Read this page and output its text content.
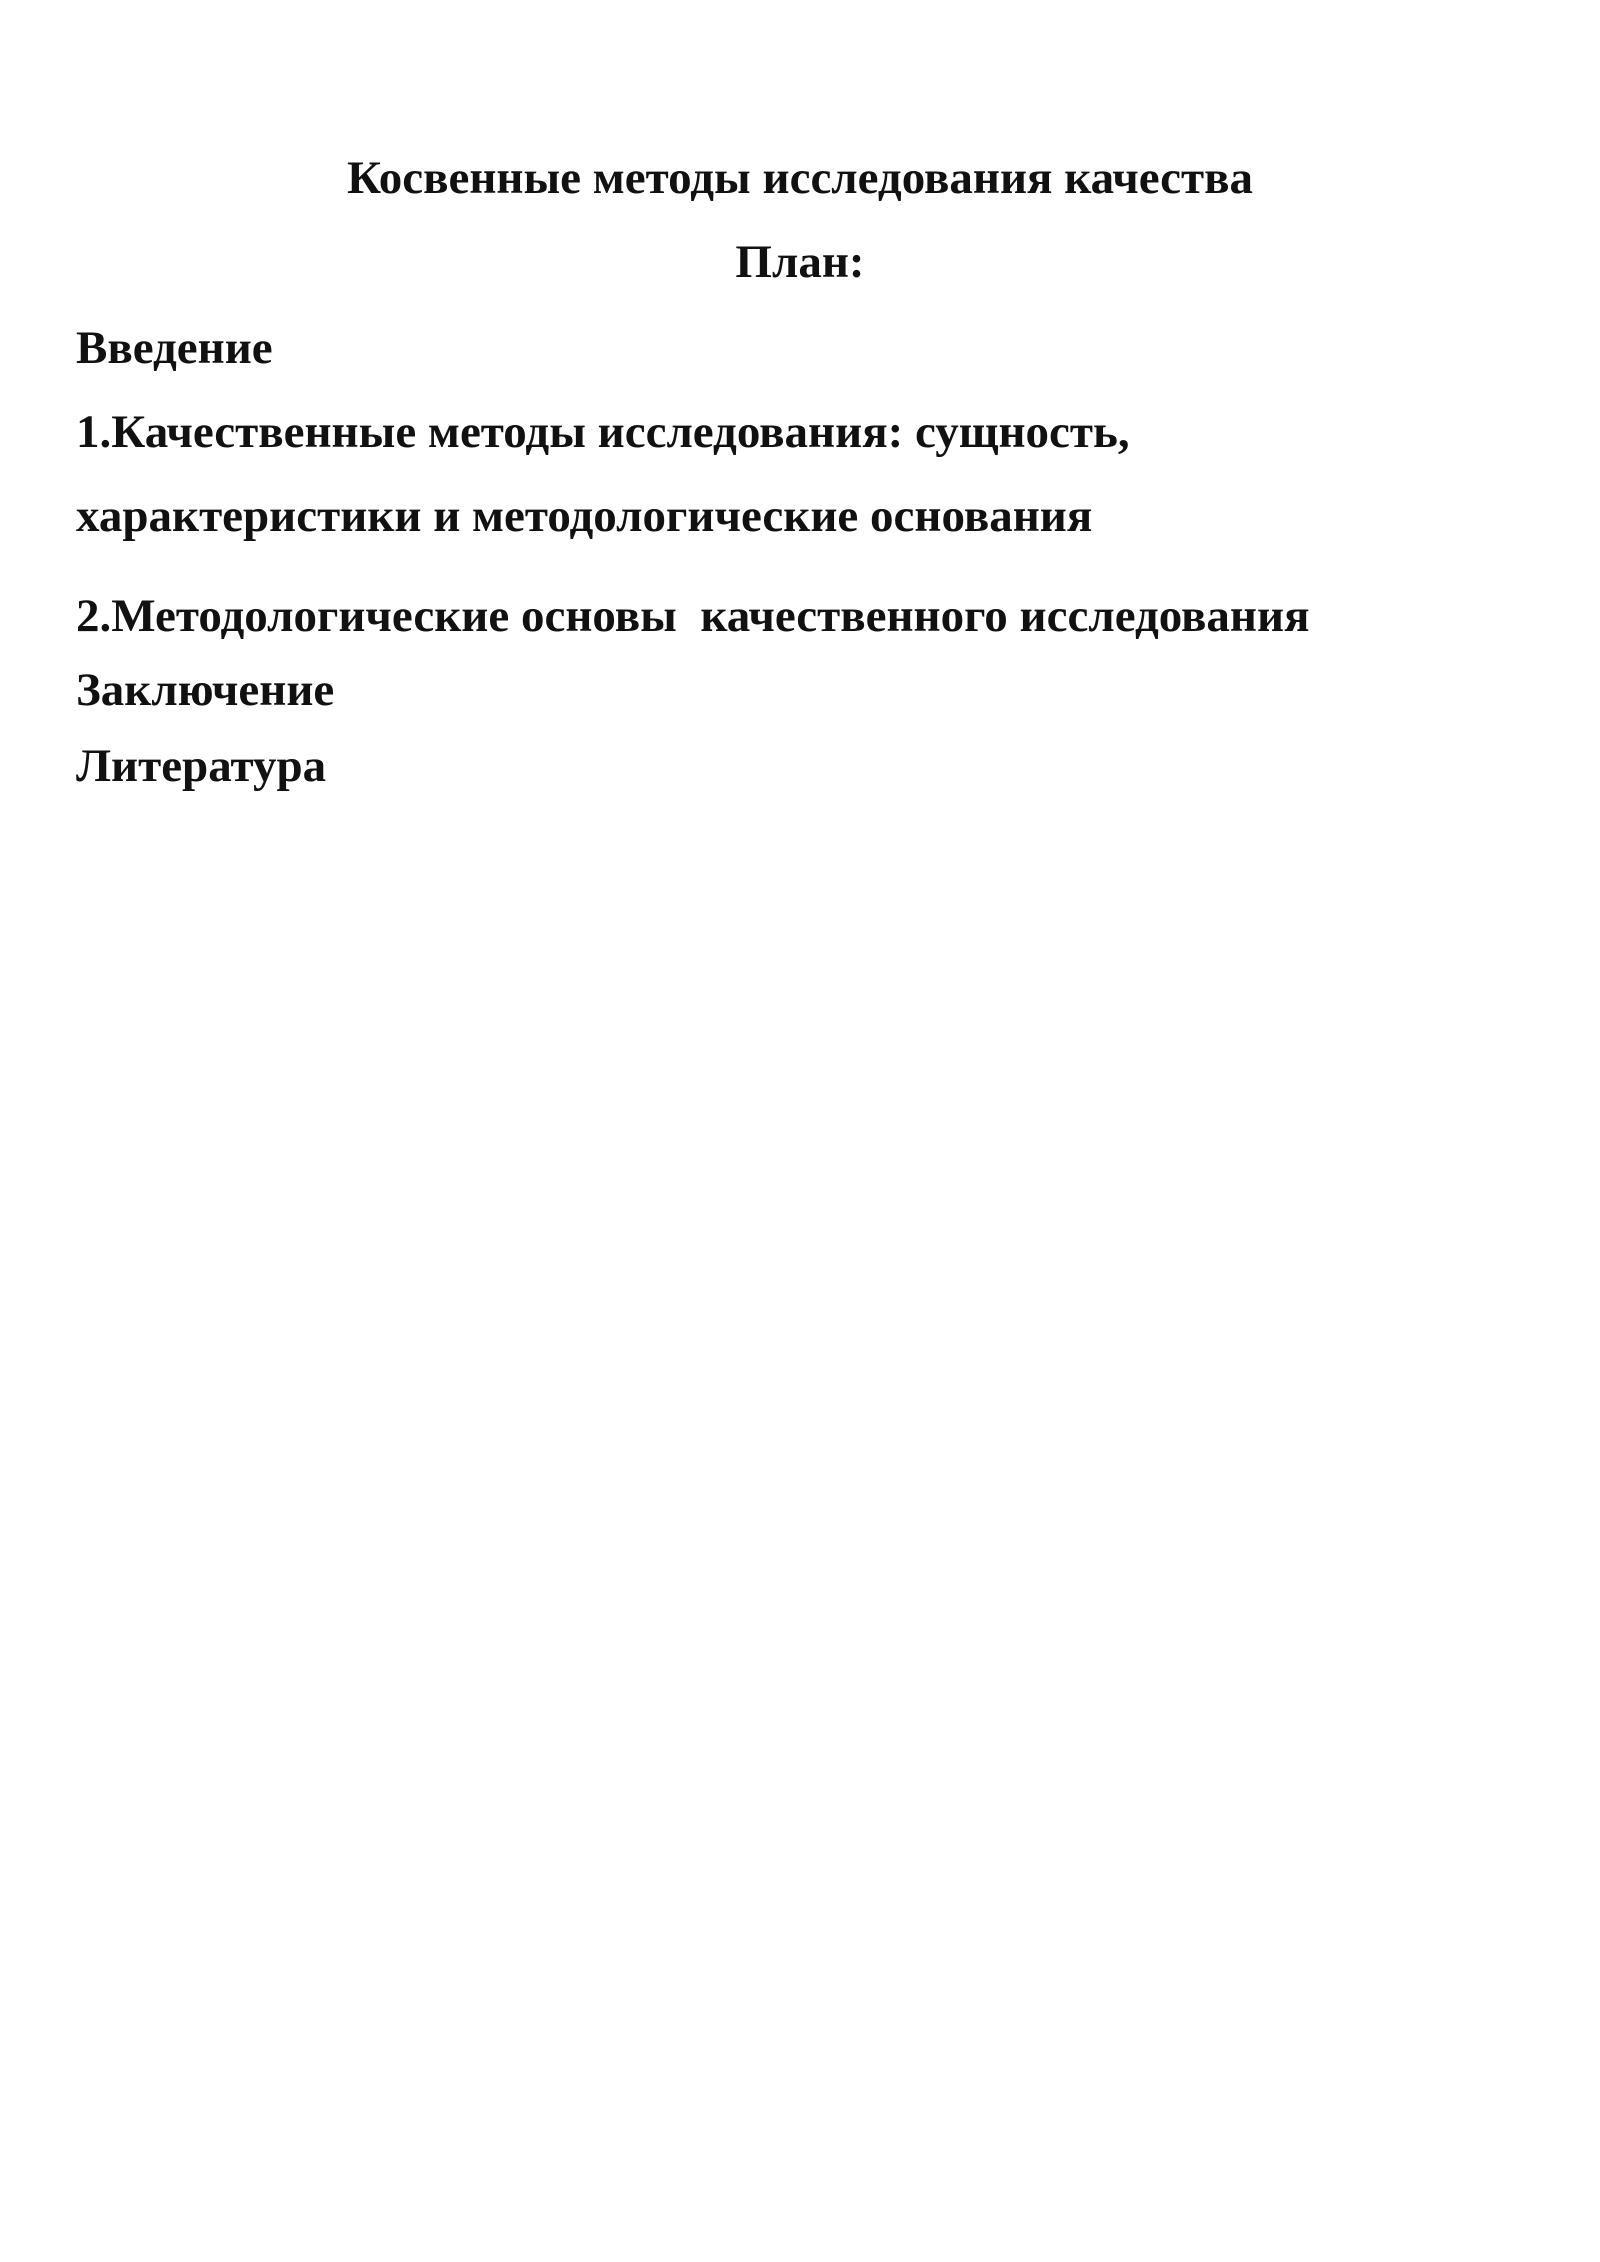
Косвенные методы исследования качества
План:

Введение

1.Качественные методы исследования: сущность,

характеристики и методологические основания

2.Методологические основы  качественного исследования

Заключение

Литература
